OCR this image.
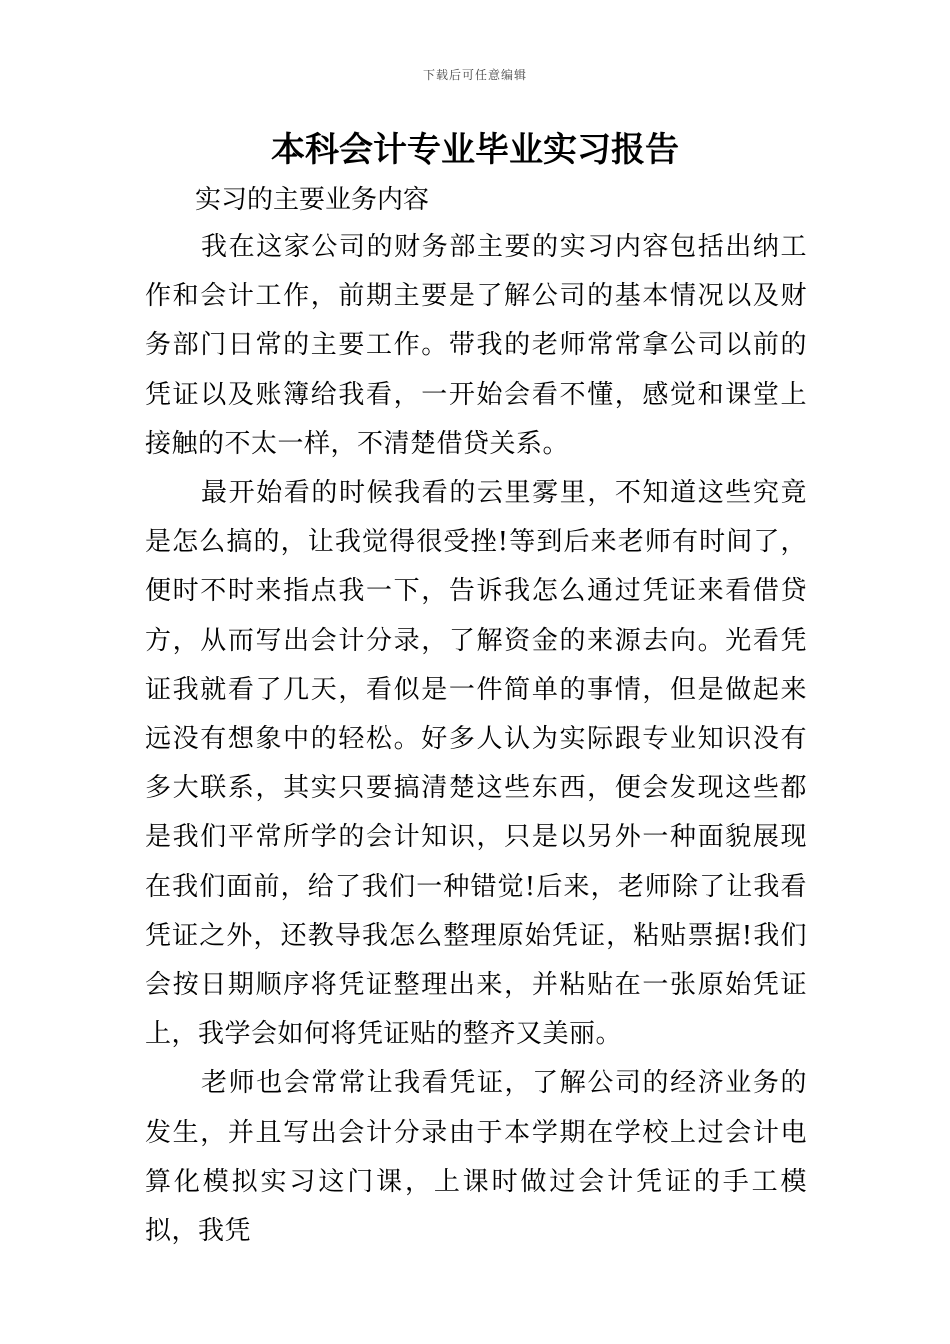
下载后可任意编辑
本科会计专业毕业实习报告
实习的主要业务内容

我在这家公司的财务部主要的实习内容包括出纳工作和会计工作，前期主要是了解公司的基本情况以及财务部门日常的主要工作。带我的老师常常拿公司以前的凭证以及账簿给我看，一开始会看不懂，感觉和课堂上接触的不太一样，不清楚借贷关系。

最开始看的时候我看的云里雾里，不知道这些究竟是怎么搞的，让我觉得很受挫!等到后来老师有时间了，便时不时来指点我一下，告诉我怎么通过凭证来看借贷方，从而写出会计分录，了解资金的来源去向。光看凭证我就看了几天，看似是一件简单的事情，但是做起来远没有想象中的轻松。好多人认为实际跟专业知识没有多大联系，其实只要搞清楚这些东西，便会发现这些都是我们平常所学的会计知识，只是以另外一种面貌展现在我们面前，给了我们一种错觉!后来，老师除了让我看凭证之外，还教导我怎么整理原始凭证，粘贴票据!我们会按日期顺序将凭证整理出来，并粘贴在一张原始凭证上，我学会如何将凭证贴的整齐又美丽。

老师也会常常让我看凭证，了解公司的经济业务的发生，并且写出会计分录由于本学期在学校上过会计电算化模拟实习这门课，上课时做过会计凭证的手工模拟，我凭
